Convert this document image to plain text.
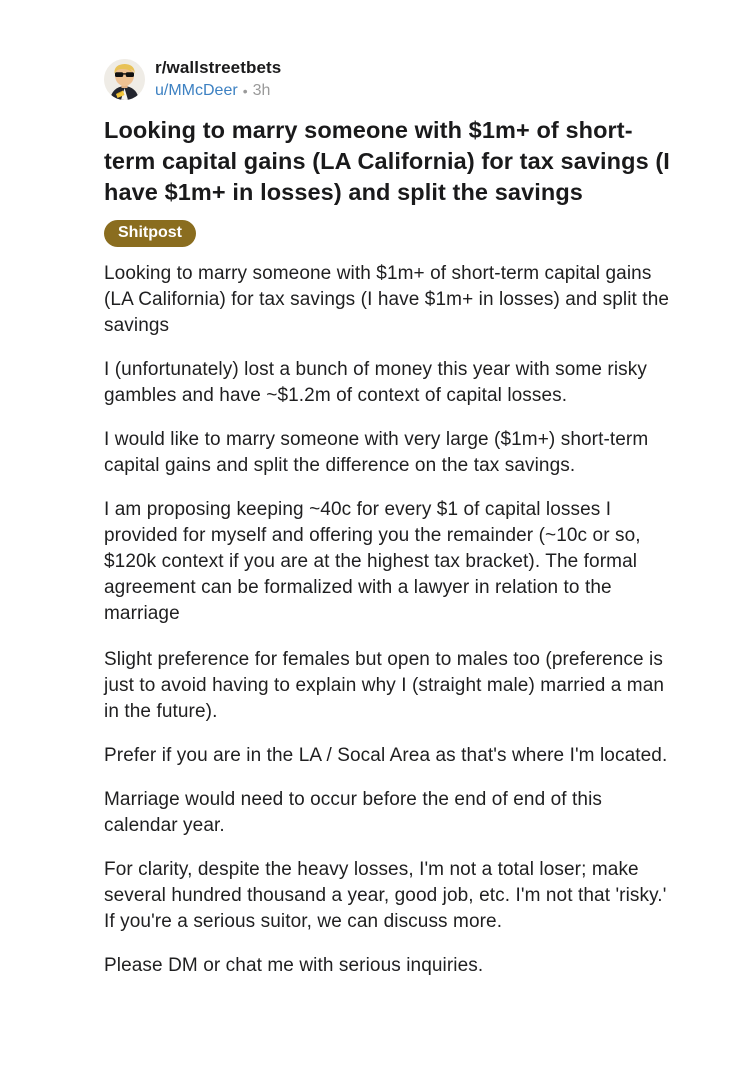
r/wallstreetbets
u/MMcDeer • 3h
Looking to marry someone with $1m+ of short-term capital gains (LA California) for tax savings (I have $1m+ in losses) and split the savings
Shitpost

Looking to marry someone with $1m+ of short-term capital gains (LA California) for tax savings (I have $1m+ in losses) and split the savings

I (unfortunately) lost a bunch of money this year with some risky gambles and have ~$1.2m of context of capital losses.

I would like to marry someone with very large ($1m+) short-term capital gains and split the difference on the tax savings.

I am proposing keeping ~40c for every $1 of capital losses I provided for myself and offering you the remainder (~10c or so, $120k context if you are at the highest tax bracket). The formal agreement can be formalized with a lawyer in relation to the marriage

Slight preference for females but open to males too (preference is just to avoid having to explain why I (straight male) married a man in the future).

Prefer if you are in the LA / Socal Area as that's where I'm located.

Marriage would need to occur before the end of end of this calendar year.

For clarity, despite the heavy losses, I'm not a total loser; make several hundred thousand a year, good job, etc. I'm not that 'risky.' If you're a serious suitor, we can discuss more.

Please DM or chat me with serious inquiries.
